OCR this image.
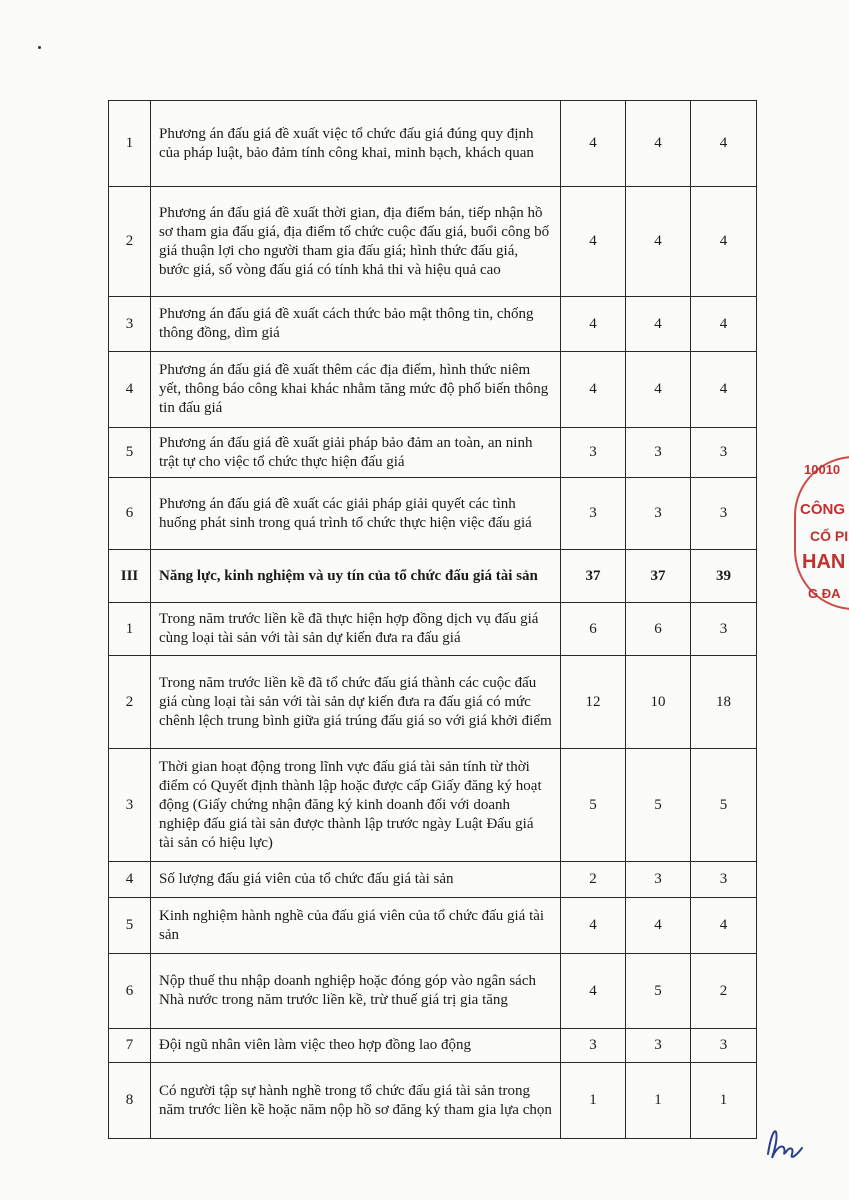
1	Phương án đấu giá đề xuất việc tổ chức đấu giá đúng quy định của pháp luật, bảo đảm tính công khai, minh bạch, khách quan	4	4	4
2	Phương án đấu giá đề xuất thời gian, địa điểm bán, tiếp nhận hồ sơ tham gia đấu giá, địa điểm tổ chức cuộc đấu giá, buổi công bố giá thuận lợi cho người tham gia đấu giá; hình thức đấu giá, bước giá, số vòng đấu giá có tính khả thi và hiệu quả cao	4	4	4
3	Phương án đấu giá đề xuất cách thức bảo mật thông tin, chống thông đồng, dìm giá	4	4	4
4	Phương án đấu giá đề xuất thêm các địa điểm, hình thức niêm yết, thông báo công khai khác nhằm tăng mức độ phổ biến thông tin đấu giá	4	4	4
5	Phương án đấu giá đề xuất giải pháp bảo đảm an toàn, an ninh trật tự cho việc tổ chức thực hiện đấu giá	3	3	3
6	Phương án đấu giá đề xuất các giải pháp giải quyết các tình huống phát sinh trong quá trình tổ chức thực hiện việc đấu giá	3	3	3
III	Năng lực, kinh nghiệm và uy tín của tổ chức đấu giá tài sản	37	37	39
1	Trong năm trước liền kề đã thực hiện hợp đồng dịch vụ đấu giá cùng loại tài sản với tài sản dự kiến đưa ra đấu giá	6	6	3
2	Trong năm trước liền kề đã tổ chức đấu giá thành các cuộc đấu giá cùng loại tài sản với tài sản dự kiến đưa ra đấu giá có mức chênh lệch trung bình giữa giá trúng đấu giá so với giá khởi điểm	12	10	18
3	Thời gian hoạt động trong lĩnh vực đấu giá tài sản tính từ thời điểm có Quyết định thành lập hoặc được cấp Giấy đăng ký hoạt động (Giấy chứng nhận đăng ký kinh doanh đối với doanh nghiệp đấu giá tài sản được thành lập trước ngày Luật Đấu giá tài sản có hiệu lực)	5	5	5
4	Số lượng đấu giá viên của tổ chức đấu giá tài sản	2	3	3
5	Kinh nghiệm hành nghề của đấu giá viên của tổ chức đấu giá tài sản	4	4	4
6	Nộp thuế thu nhập doanh nghiệp hoặc đóng góp vào ngân sách Nhà nước trong năm trước liền kề, trừ thuế giá trị gia tăng	4	5	2
7	Đội ngũ nhân viên làm việc theo hợp đồng lao động	3	3	3
8	Có người tập sự hành nghề trong tổ chức đấu giá tài sản trong năm trước liền kề hoặc năm nộp hồ sơ đăng ký tham gia lựa chọn	1	1	1
10010
CÔNG
CỔ PI
HAN
G ĐA
